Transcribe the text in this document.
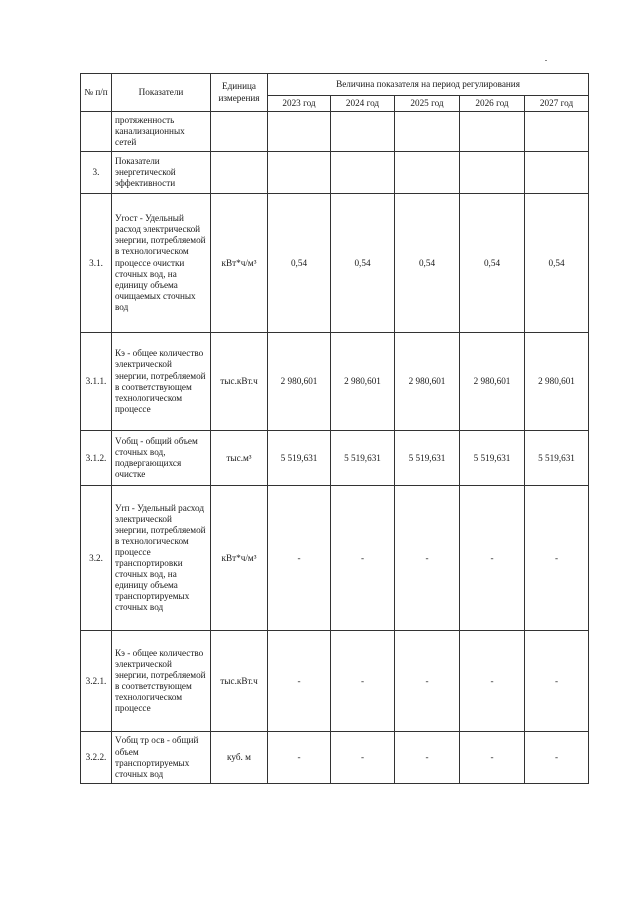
№ п/п	Показатели	Единица измерения	Величина показателя на период регулирования				
			2023 год	2024 год	2025 год	2026 год	2027 год
	протяженность канализационных сетей						
3.	Показатели энергетической эффективности						
3.1.	Уrост - Удельный расход электрической энергии, потребляемой в технологическом процессе очистки сточных вод, на единицу объема очищаемых сточных вод	кВт*ч/м³	0,54	0,54	0,54	0,54	0,54
3.1.1.	Кэ - общее количество электрической энергии, потребляемой в соответствующем технологическом процессе	тыс.кВт.ч	2 980,601	2 980,601	2 980,601	2 980,601	2 980,601
3.1.2.	Vобщ - общий объем сточных вод, подвергающихся очистке	тыс.м³	5 519,631	5 519,631	5 519,631	5 519,631	5 519,631
3.2.	Уrп - Удельный расход электрической энергии, потребляемой в технологическом процессе транспортировки сточных вод, на единицу объема транспортируемых сточных вод	кВт*ч/м³	-	-	-	-	-
3.2.1.	Кэ - общее количество электрической энергии, потребляемой в соответствующем технологическом процессе	тыс.кВт.ч	-	-	-	-	-
3.2.2.	Vобщ тр осв - общий объем транспортируемых сточных вод	куб. м	-	-	-	-	-
